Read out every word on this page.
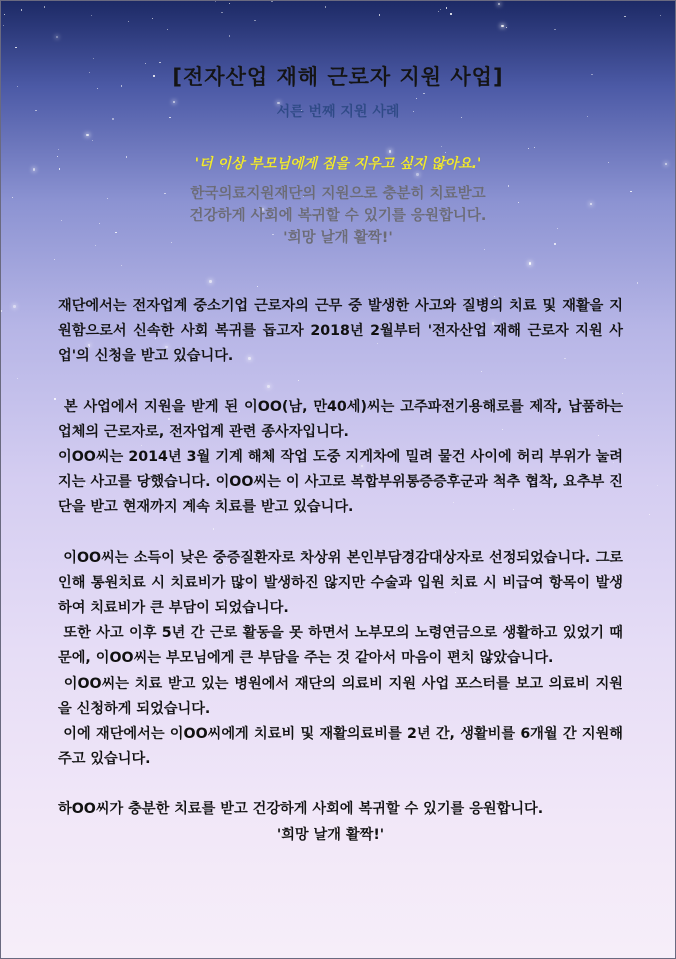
[전자산업 재해 근로자 지원 사업]
서른 번째 지원 사례
'더 이상 부모님에게 짐을 지우고 싶지 않아요.'
한국의료지원재단의 지원으로 충분히 치료받고
건강하게 사회에 복귀할 수 있기를 응원합니다.
'희망 날개 활짝!'

재단에서는 전자업계 중소기업 근로자의 근무 중 발생한 사고와 질병의 치료 및 재활을 지원함으로서 신속한 사회 복귀를 돕고자 2018년 2월부터 '전자산업 재해 근로자 지원 사업'의 신청을 받고 있습니다.

본 사업에서 지원을 받게 된 이OO(남, 만40세)씨는 고주파전기용해로를 제작, 납품하는 업체의 근로자로, 전자업계 관련 종사자입니다.

이OO씨는 2014년 3월 기계 해체 작업 도중 지게차에 밀려 물건 사이에 허리 부위가 눌려지는 사고를 당했습니다. 이OO씨는 이 사고로 복합부위통증증후군과 척추 협착, 요추부 진단을 받고 현재까지 계속 치료를 받고 있습니다.

이OO씨는 소득이 낮은 중증질환자로 차상위 본인부담경감대상자로 선정되었습니다. 그로 인해 통원치료 시 치료비가 많이 발생하진 않지만 수술과 입원 치료 시 비급여 항목이 발생하여 치료비가 큰 부담이 되었습니다.

또한 사고 이후 5년 간 근로 활동을 못 하면서 노부모의 노령연금으로 생활하고 있었기 때문에, 이OO씨는 부모님에게 큰 부담을 주는 것 같아서 마음이 편치 않았습니다.

이OO씨는 치료 받고 있는 병원에서 재단의 의료비 지원 사업 포스터를 보고 의료비 지원을 신청하게 되었습니다.

이에 재단에서는 이OO씨에게 치료비 및 재활의료비를 2년 간, 생활비를 6개월 간 지원해 주고 있습니다.

하OO씨가 충분한 치료를 받고 건강하게 사회에 복귀할 수 있기를 응원합니다.
'희망 날개 활짝!'
